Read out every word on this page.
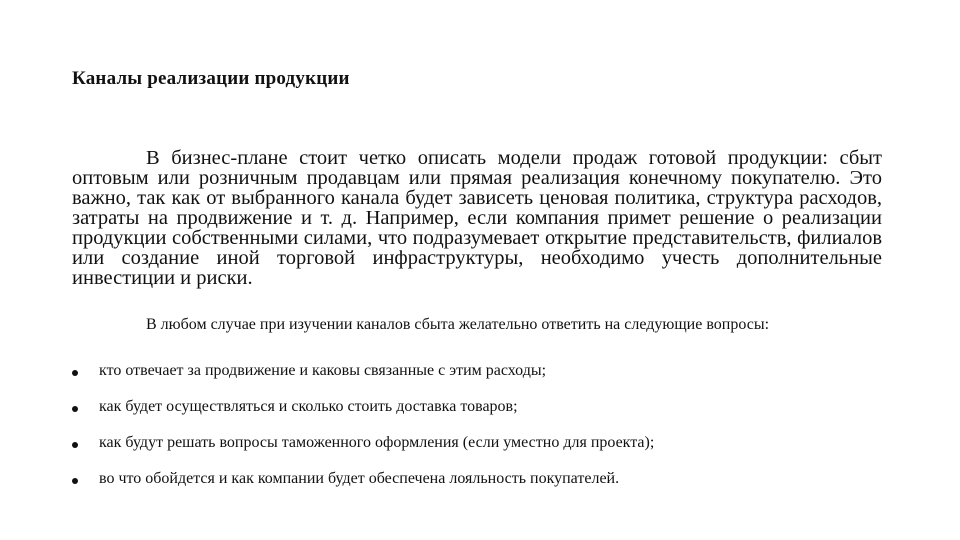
Каналы реализации продукции

В бизнес-плане стоит четко описать модели продаж готовой продукции: сбыт оптовым или розничным продавцам или прямая реализация конечному покупателю. Это важно, так как от выбранного канала будет зависеть ценовая политика, структура расходов, затраты на продвижение и т. д. Например, если компания примет решение о реализации продукции собственными силами, что подразумевает открытие представительств, филиалов или создание иной торговой инфраструктуры, необходимо учесть дополнительные инвестиции и риски.

В любом случае при изучении каналов сбыта желательно ответить на следующие вопросы:

кто отвечает за продвижение и каковы связанные с этим расходы;
как будет осуществляться и сколько стоить доставка товаров;
как будут решать вопросы таможенного оформления (если уместно для проекта);
во что обойдется и как компании будет обеспечена лояльность покупателей.
